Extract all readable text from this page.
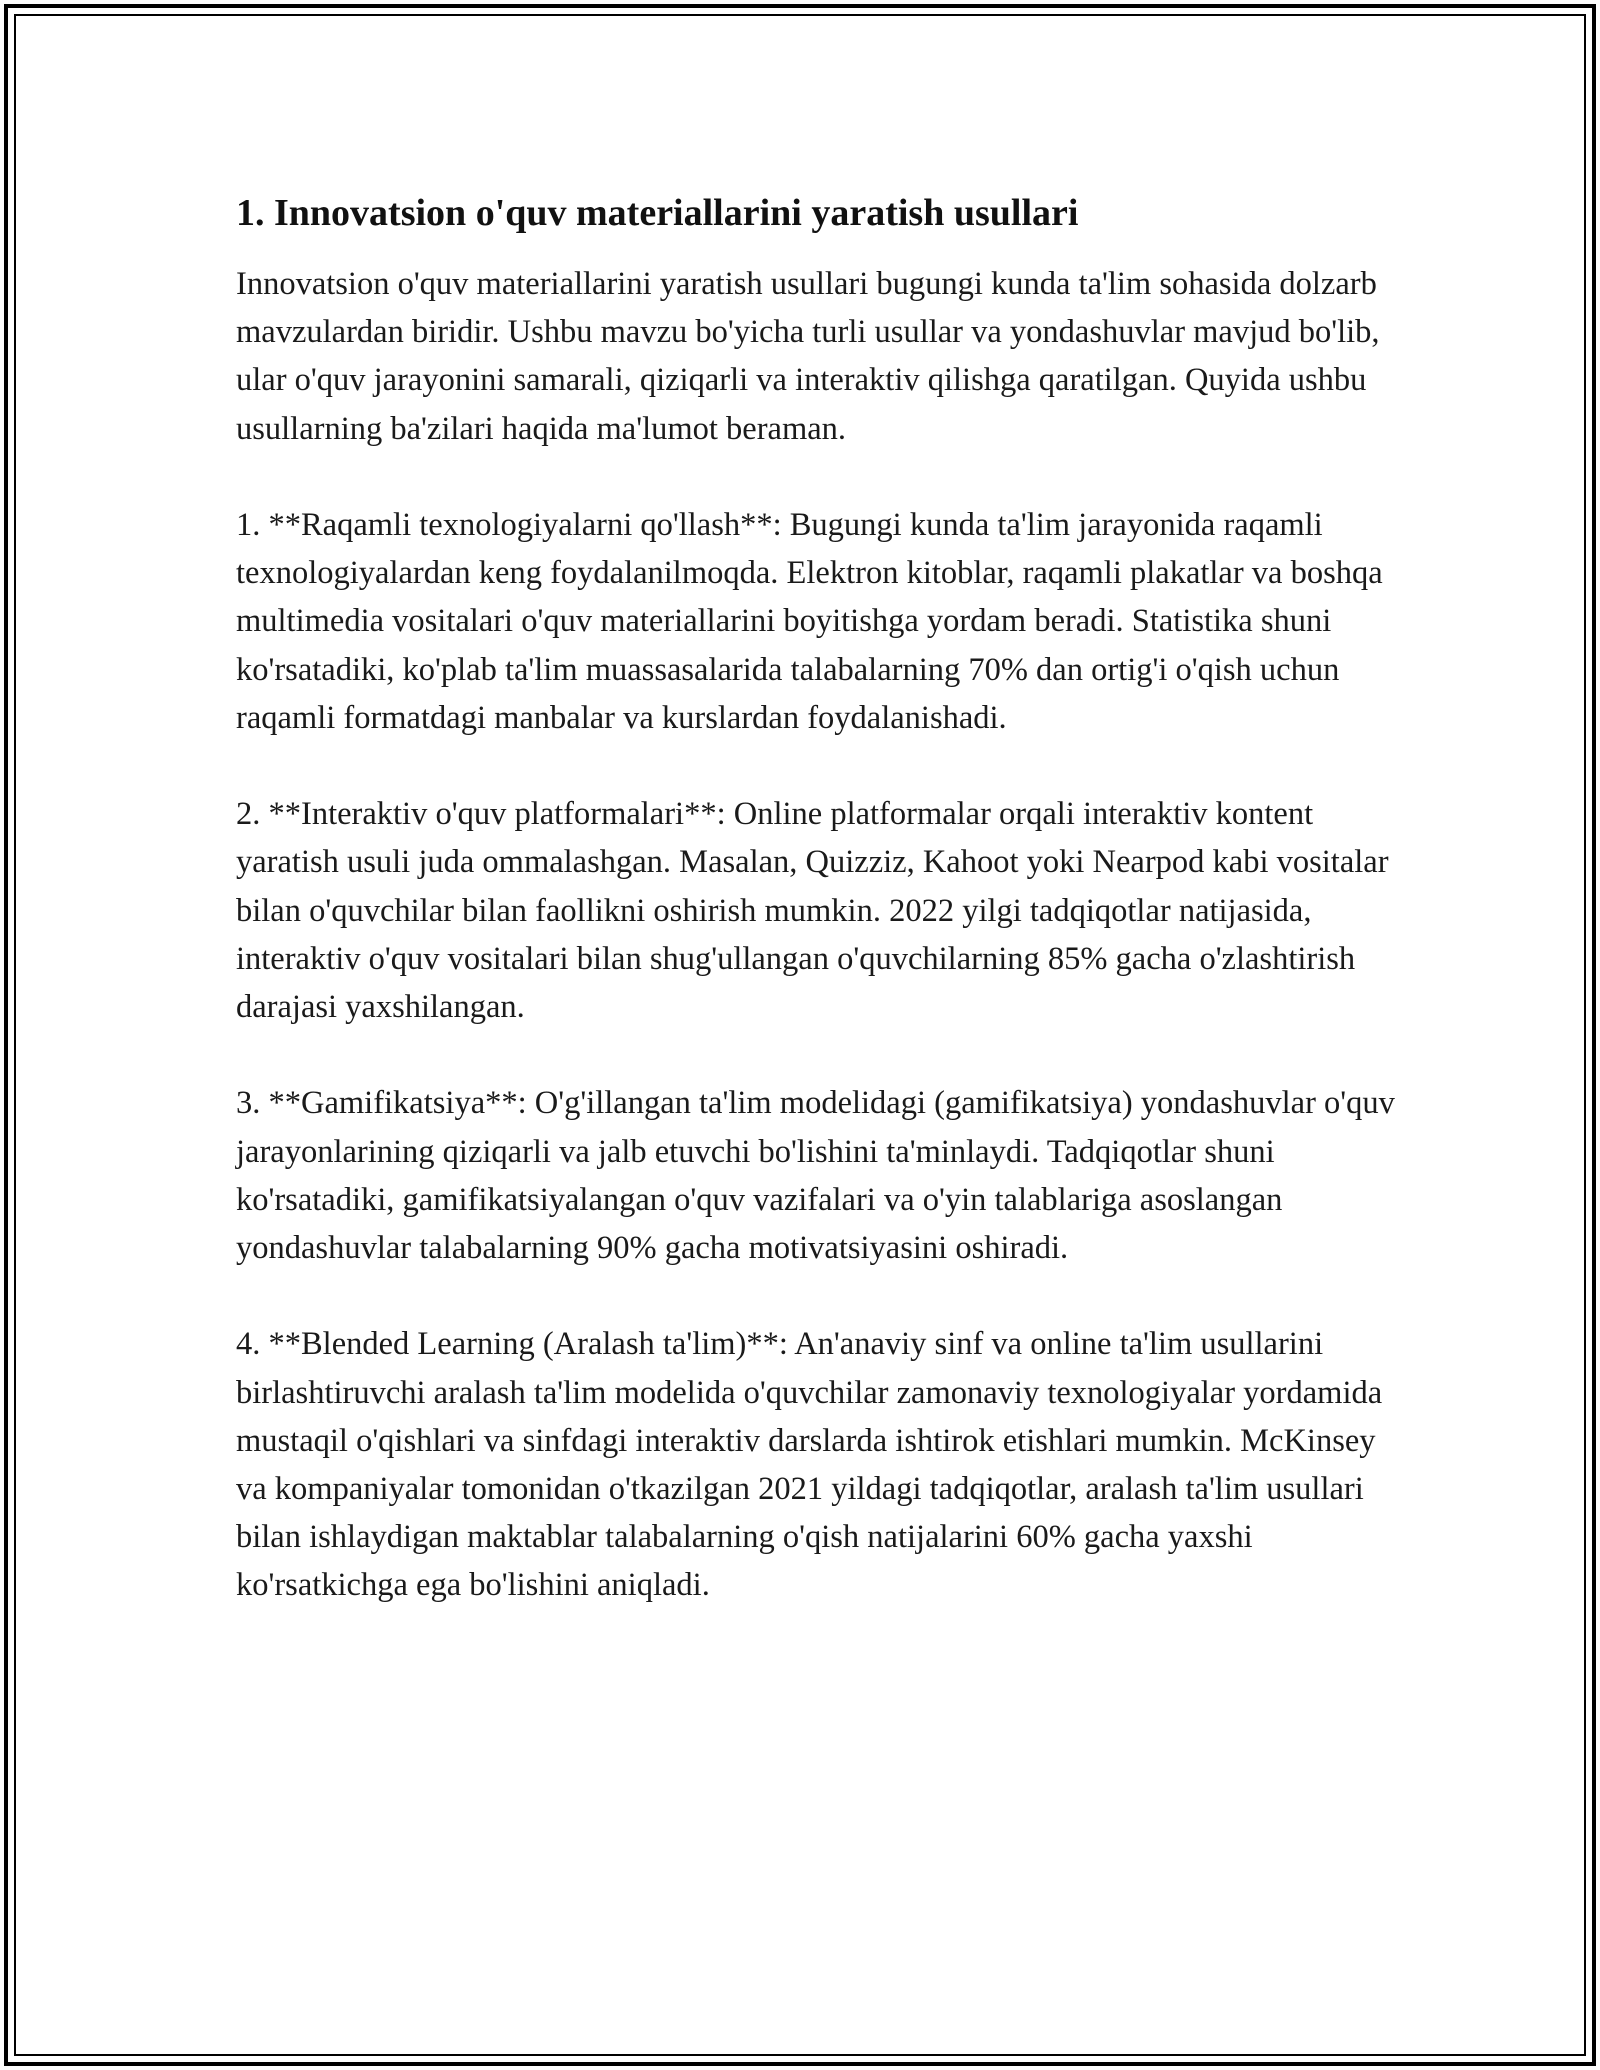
1. Innovatsion o'quv materiallarini yaratish usullari

Innovatsion o'quv materiallarini yaratish usullari bugungi kunda ta'lim sohasida dolzarb mavzulardan biridir. Ushbu mavzu bo'yicha turli usullar va yondashuvlar mavjud bo'lib, ular o'quv jarayonini samarali, qiziqarli va interaktiv qilishga qaratilgan. Quyida ushbu usullarning ba'zilari haqida ma'lumot beraman.

1. **Raqamli texnologiyalarni qo'llash**: Bugungi kunda ta'lim jarayonida raqamli texnologiyalardan keng foydalanilmoqda. Elektron kitoblar, raqamli plakatlar va boshqa multimedia vositalari o'quv materiallarini boyitishga yordam beradi. Statistika shuni ko'rsatadiki, ko'plab ta'lim muassasalarida talabalarning 70% dan ortig'i o'qish uchun raqamli formatdagi manbalar va kurslardan foydalanishadi.

2. **Interaktiv o'quv platformalari**: Online platformalar orqali interaktiv kontent yaratish usuli juda ommalashgan. Masalan, Quizziz, Kahoot yoki Nearpod kabi vositalar bilan o'quvchilar bilan faollikni oshirish mumkin. 2022 yilgi tadqiqotlar natijasida, interaktiv o'quv vositalari bilan shug'ullangan o'quvchilarning 85% gacha o'zlashtirish darajasi yaxshilangan.

3. **Gamifikatsiya**: O'g'illangan ta'lim modelidagi (gamifikatsiya) yondashuvlar o'quv jarayonlarining qiziqarli va jalb etuvchi bo'lishini ta'minlaydi. Tadqiqotlar shuni ko'rsatadiki, gamifikatsiyalangan o'quv vazifalari va o'yin talablariga asoslangan yondashuvlar talabalarning 90% gacha motivatsiyasini oshiradi.

4. **Blended Learning (Aralash ta'lim)**: An'anaviy sinf va online ta'lim usullarini birlashtiruvchi aralash ta'lim modelida o'quvchilar zamonaviy texnologiyalar yordamida mustaqil o'qishlari va sinfdagi interaktiv darslarda ishtirok etishlari mumkin. McKinsey va kompaniyalar tomonidan o'tkazilgan 2021 yildagi tadqiqotlar, aralash ta'lim usullari bilan ishlaydigan maktablar talabalarning o'qish natijalarini 60% gacha yaxshi ko'rsatkichga ega bo'lishini aniqladi.
